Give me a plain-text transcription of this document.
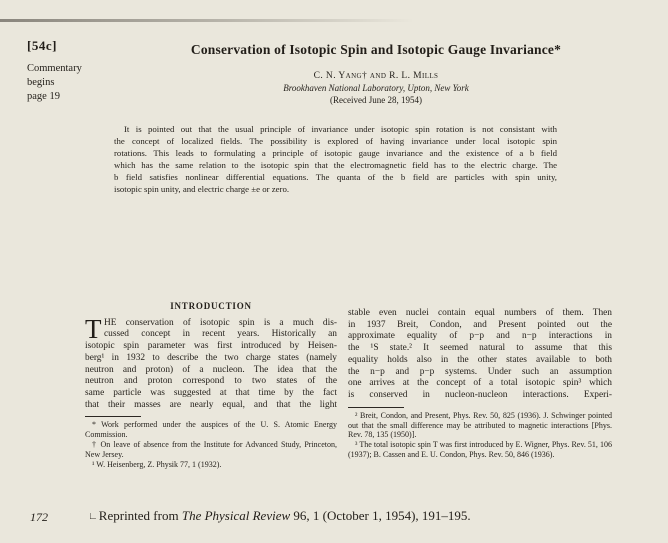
[54c]
Commentary
begins
page 19
Conservation of Isotopic Spin and Isotopic Gauge Invariance*
C. N. Yang† and R. L. Mills
Brookhaven National Laboratory, Upton, New York
(Received June 28, 1954)
It is pointed out that the usual principle of invariance under isotopic spin rotation is not consistant with
the concept of localized fields. The possibility is explored of having invariance under local isotopic spin
rotations. This leads to formulating a principle of isotopic gauge invariance and the existence of a b field
which has the same relation to the isotopic spin that the electromagnetic field has to the electric charge. The
b field satisfies nonlinear differential equations. The quanta of the b field are particles with spin unity,
isotopic spin unity, and electric charge ±e or zero.
INTRODUCTION
T HE conservation of isotopic spin is a much dis-
cussed concept in recent years. Historically an
isotopic spin parameter was first introduced by Heisen-
berg¹ in 1932 to describe the two charge states (namely
neutron and proton) of a nucleon. The idea that the
neutron and proton correspond to two states of the
same particle was suggested at that time by the fact
that their masses are nearly equal, and that the light
* Work performed under the auspices of the U. S. Atomic Energy Commission.
† On leave of absence from the Institute for Advanced Study, Princeton, New Jersey.
¹ W. Heisenberg, Z. Physik 77, 1 (1932).
stable even nuclei contain equal numbers of them. Then
in 1937 Breit, Condon, and Present pointed out the
approximate equality of p−p and n−p interactions in
the ¹S state.² It seemed natural to assume that this
equality holds also in the other states available to both
the n−p and p−p systems. Under such an assumption
one arrives at the concept of a total isotopic spin³ which
is conserved in nucleon-nucleon interactions. Experi-
² Breit, Condon, and Present, Phys. Rev. 50, 825 (1936). J. Schwinger pointed out that the small difference may be attributed to magnetic interactions [Phys. Rev. 78, 135 (1950)].
³ The total isotopic spin T was first introduced by E. Wigner, Phys. Rev. 51, 106 (1937); B. Cassen and E. U. Condon, Phys. Rev. 50, 846 (1936).
172	∟Reprinted from The Physical Review 96, 1 (October 1, 1954), 191–195.
